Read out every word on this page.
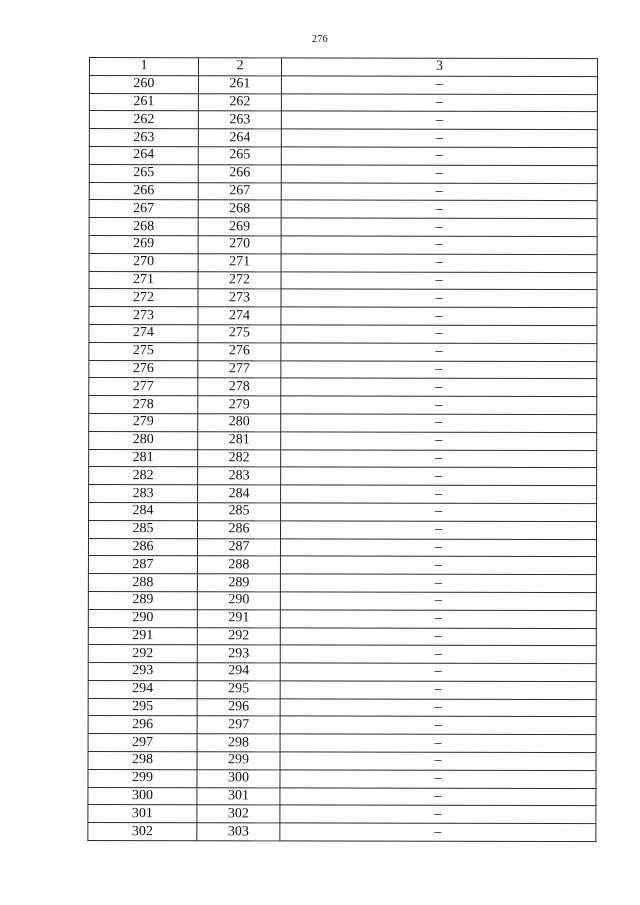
276
1	2	3
260	261	–
261	262	–
262	263	–
263	264	–
264	265	–
265	266	–
266	267	–
267	268	–
268	269	–
269	270	–
270	271	–
271	272	–
272	273	–
273	274	–
274	275	–
275	276	–
276	277	–
277	278	–
278	279	–
279	280	–
280	281	–
281	282	–
282	283	–
283	284	–
284	285	–
285	286	–
286	287	–
287	288	–
288	289	–
289	290	–
290	291	–
291	292	–
292	293	–
293	294	–
294	295	–
295	296	–
296	297	–
297	298	–
298	299	–
299	300	–
300	301	–
301	302	–
302	303	–
